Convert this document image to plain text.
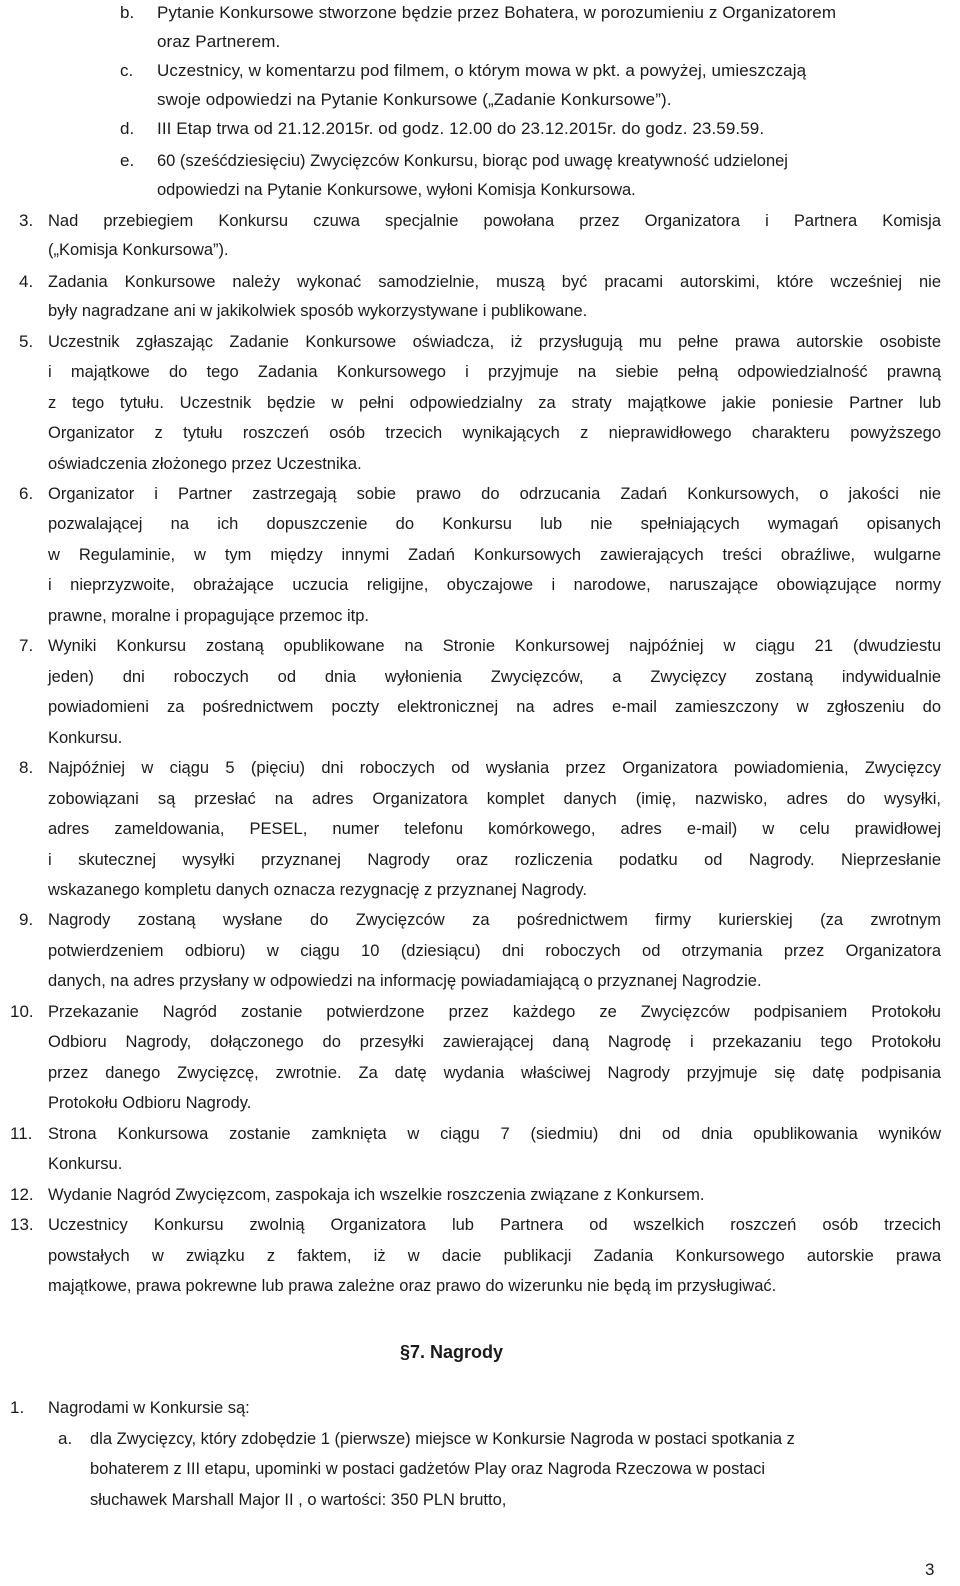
b. Pytanie Konkursowe stworzone będzie przez Bohatera, w porozumieniu z Organizatorem
oraz Partnerem.
c. Uczestnicy, w komentarzu pod filmem, o którym mowa w pkt. a powyżej, umieszczają
swoje odpowiedzi na Pytanie Konkursowe („Zadanie Konkursowe”).
d. III Etap trwa od 21.12.2015r. od godz. 12.00 do 23.12.2015r. do godz. 23.59.59.
e. 60 (sześćdziesięciu) Zwycięzców Konkursu, biorąc pod uwagę kreatywność udzielonej
odpowiedzi na Pytanie Konkursowe, wyłoni Komisja Konkursowa.
3. Nad przebiegiem Konkursu czuwa specjalnie powołana przez Organizatora i Partnera Komisja
(„Komisja Konkursowa”).
4. Zadania Konkursowe należy wykonać samodzielnie, muszą być pracami autorskimi, które wcześniej nie
były nagradzane ani w jakikolwiek sposób wykorzystywane i publikowane.
5. Uczestnik zgłaszając Zadanie Konkursowe oświadcza, iż przysługują mu pełne prawa autorskie osobiste
i majątkowe do tego Zadania Konkursowego i przyjmuje na siebie pełną odpowiedzialność prawną
z tego tytułu. Uczestnik będzie w pełni odpowiedzialny za straty majątkowe jakie poniesie Partner lub
Organizator z tytułu roszczeń osób trzecich wynikających z nieprawidłowego charakteru powyższego
oświadczenia złożonego przez Uczestnika.
6. Organizator i Partner zastrzegają sobie prawo do odrzucania Zadań Konkursowych, o jakości nie
pozwalającej na ich dopuszczenie do Konkursu lub nie spełniających wymagań opisanych
w Regulaminie, w tym między innymi Zadań Konkursowych zawierających treści obraźliwe, wulgarne
i nieprzyzwoite, obrażające uczucia religijne, obyczajowe i narodowe, naruszające obowiązujące normy
prawne, moralne i propagujące przemoc itp.
7. Wyniki Konkursu zostaną opublikowane na Stronie Konkursowej najpóźniej w ciągu 21 (dwudziestu
jeden) dni roboczych od dnia wyłonienia Zwycięzców, a Zwycięzcy zostaną indywidualnie
powiadomieni za pośrednictwem poczty elektronicznej na adres e-mail zamieszczony w zgłoszeniu do
Konkursu.
8. Najpóźniej w ciągu 5 (pięciu) dni roboczych od wysłania przez Organizatora powiadomienia, Zwycięzcy
zobowiązani są przesłać na adres Organizatora komplet danych (imię, nazwisko, adres do wysyłki,
adres zameldowania, PESEL, numer telefonu komórkowego, adres e-mail) w celu prawidłowej
i skutecznej wysyłki przyznanej Nagrody oraz rozliczenia podatku od Nagrody. Nieprzesłanie
wskazanego kompletu danych oznacza rezygnację z przyznanej Nagrody.
9. Nagrody zostaną wysłane do Zwycięzców za pośrednictwem firmy kurierskiej (za zwrotnym
potwierdzeniem odbioru) w ciągu 10 (dziesiącu) dni roboczych od otrzymania przez Organizatora
danych, na adres przysłany w odpowiedzi na informację powiadamiającą o przyznanej Nagrodzie.
10. Przekazanie Nagród zostanie potwierdzone przez każdego ze Zwycięzców podpisaniem Protokołu
Odbioru Nagrody, dołączonego do przesyłki zawierającej daną Nagrodę i przekazaniu tego Protokołu
przez danego Zwycięzcę, zwrotnie. Za datę wydania właściwej Nagrody przyjmuje się datę podpisania
Protokołu Odbioru Nagrody.
11. Strona Konkursowa zostanie zamknięta w ciągu 7 (siedmiu) dni od dnia opublikowania wyników
Konkursu.
12. Wydanie Nagród Zwycięzcom, zaspokaja ich wszelkie roszczenia związane z Konkursem.
13. Uczestnicy Konkursu zwolnią Organizatora lub Partnera od wszelkich roszczeń osób trzecich
powstałych w związku z faktem, iż w dacie publikacji Zadania Konkursowego autorskie prawa
majątkowe, prawa pokrewne lub prawa zależne oraz prawo do wizerunku nie będą im przysługiwać.
§7. Nagrody
1. Nagrodami w Konkursie są:
a. dla Zwycięzcy, który zdobędzie 1 (pierwsze) miejsce w Konkursie Nagroda w postaci spotkania z
bohaterem z III etapu, upominki w postaci gadżetów Play oraz Nagroda Rzeczowa w postaci
słuchawek Marshall Major II , o wartości: 350 PLN brutto,
3
